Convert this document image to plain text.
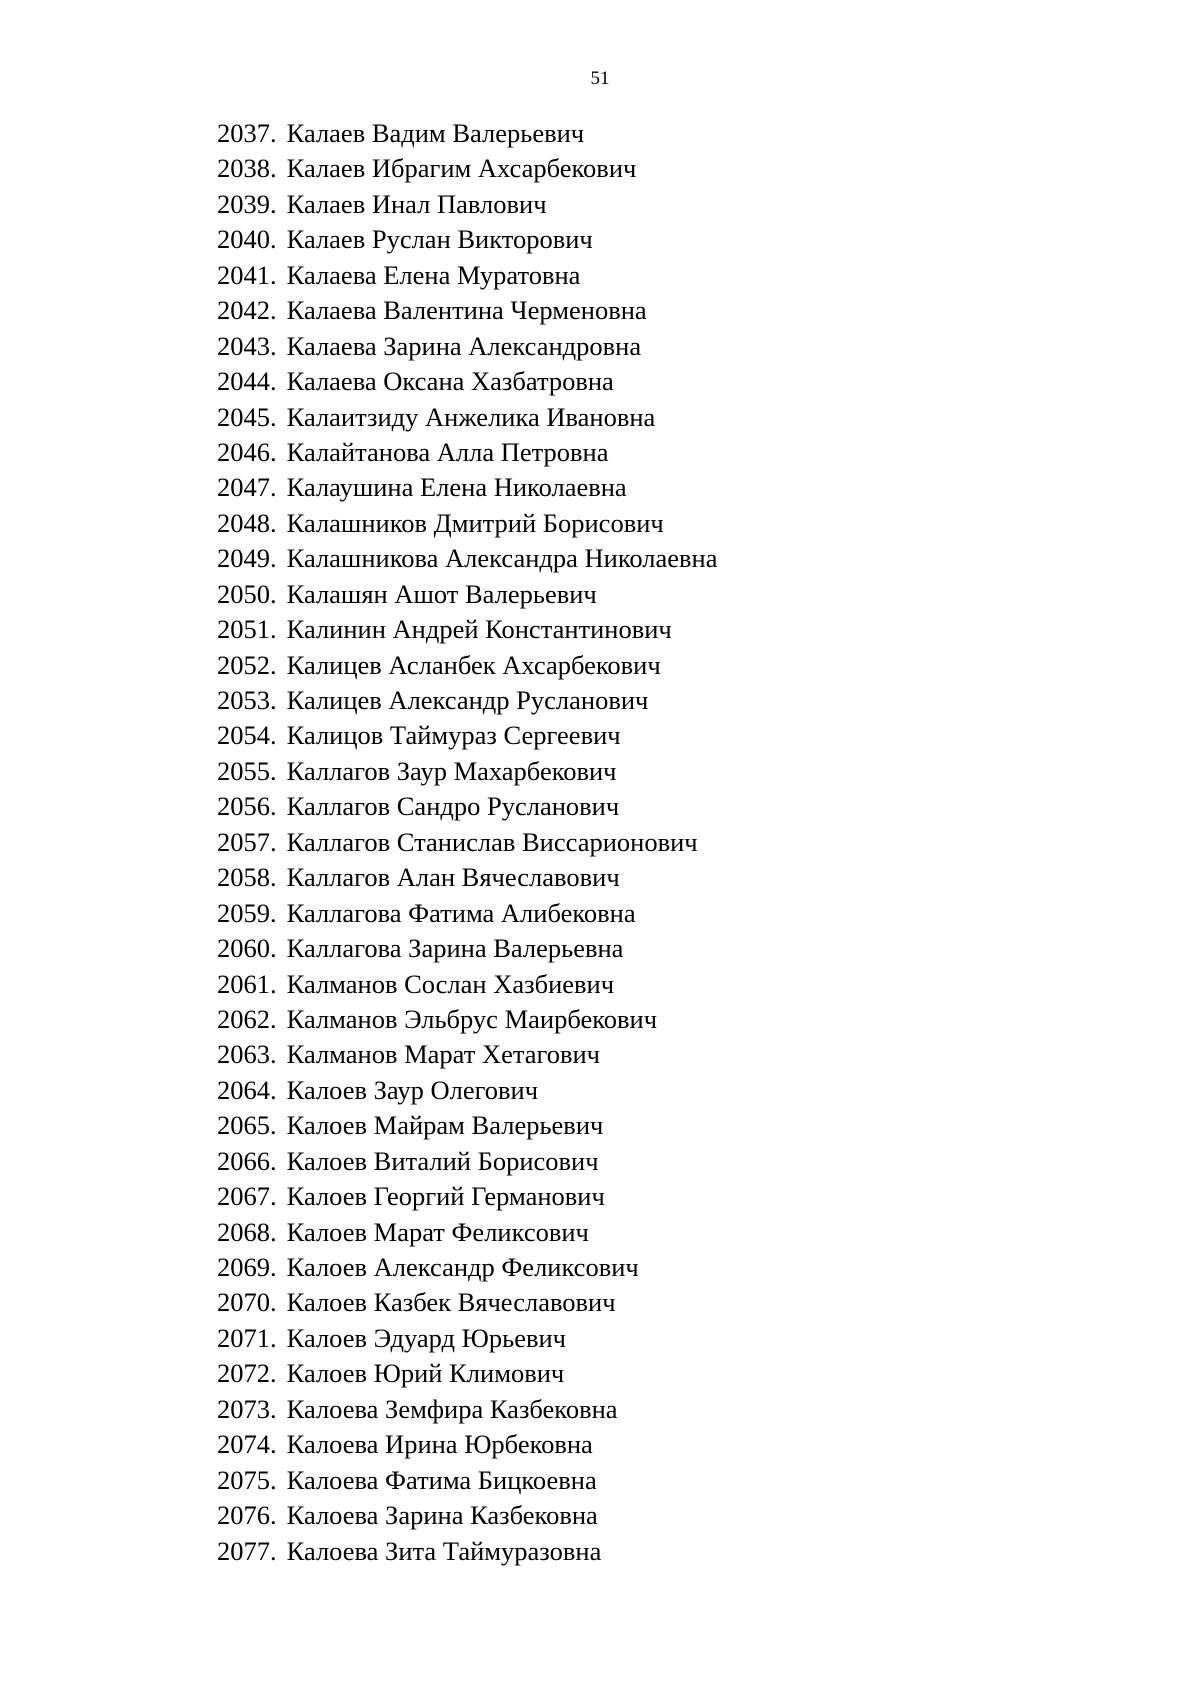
51
2037. Калаев Вадим Валерьевич
2038. Калаев Ибрагим Ахсарбекович
2039. Калаев Инал Павлович
2040. Калаев Руслан Викторович
2041. Калаева Елена Муратовна
2042. Калаева Валентина Черменовна
2043. Калаева Зарина Александровна
2044. Калаева Оксана Хазбатровна
2045. Калаитзиду Анжелика Ивановна
2046. Калайтанова Алла Петровна
2047. Калаушина Елена Николаевна
2048. Калашников Дмитрий Борисович
2049. Калашникова Александра Николаевна
2050. Калашян Ашот Валерьевич
2051. Калинин Андрей Константинович
2052. Калицев Асланбек Ахсарбекович
2053. Калицев Александр Русланович
2054. Калицов Таймураз Сергеевич
2055. Каллагов Заур Махарбекович
2056. Каллагов Сандро Русланович
2057. Каллагов Станислав Виссарионович
2058. Каллагов Алан Вячеславович
2059. Каллагова Фатима Алибековна
2060. Каллагова Зарина Валерьевна
2061. Калманов Сослан Хазбиевич
2062. Калманов Эльбрус Маирбекович
2063. Калманов Марат Хетагович
2064. Калоев Заур Олегович
2065. Калоев Майрам Валерьевич
2066. Калоев Виталий Борисович
2067. Калоев Георгий Германович
2068. Калоев Марат Феликсович
2069. Калоев Александр Феликсович
2070. Калоев Казбек Вячеславович
2071. Калоев Эдуард Юрьевич
2072. Калоев Юрий Климович
2073. Калоева Земфира Казбековна
2074. Калоева Ирина Юрбековна
2075. Калоева Фатима Бицкоевна
2076. Калоева Зарина Казбековна
2077. Калоева Зита Таймуразовна
